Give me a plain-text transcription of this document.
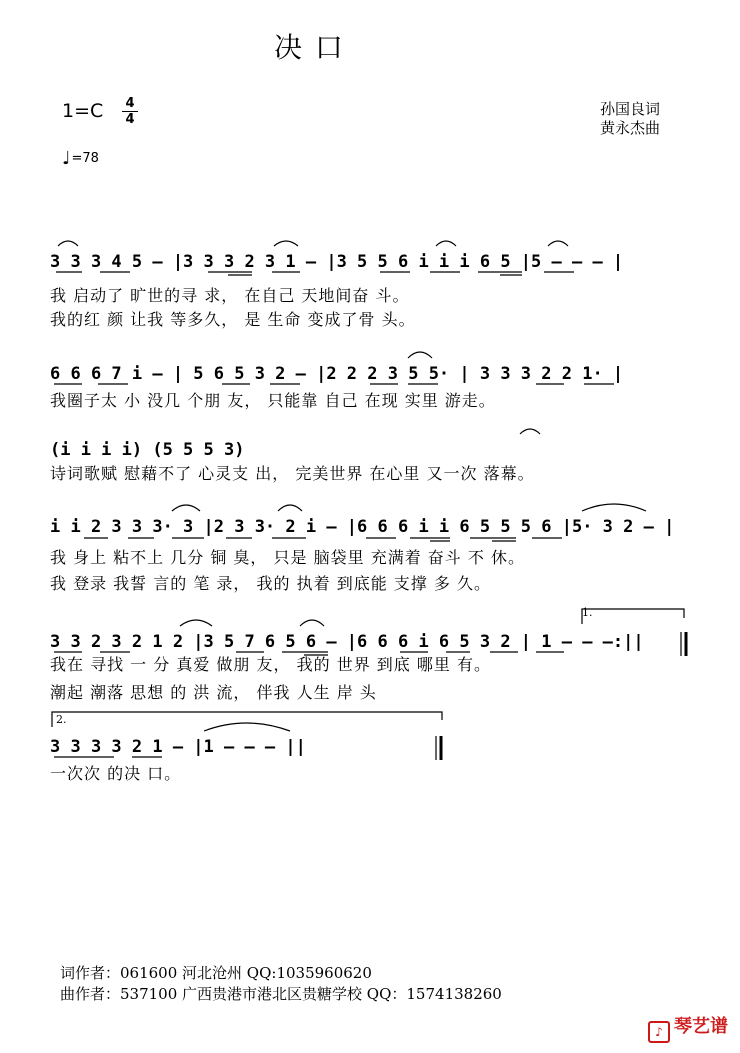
决 口
1=C	4
4
孙国良词
黄永杰曲
♩=78
3 3 3 4 5 – |3 3 3 2 3 1 – |3 5 5 6 i i i 6 5 |5 – – – |
我 启动了 旷世的寻 求， 在自己 天地间奋 斗。
我的红 颜 让我 等多久， 是 生命 变成了骨 头。
6 6 6 7 i – | 5 6 5 3 2 – |2 2 2 3 5 5· | 3 3 3 2 2 1· |
我圈子太 小 没几 个朋 友， 只能靠 自己 在现 实里 游走。
(i i i i) (5 5 5 3)
诗词歌赋 慰藉不了 心灵支 出， 完美世界 在心里 又一次 落幕。
i i 2 3 3 3· 3 |2 3 3· 2 i – |6 6 6 i i 6 5 5 5 6 |5· 3 2 – |
我 身上 粘不上 几分 铜 臭， 只是 脑袋里 充满着 奋斗 不 休。
我 登录 我誓 言的 笔 录， 我的 执着 到底能 支撑 多 久。
1.
3 3 2 3 2 1 2 |3 5 7 6 5 6 – |6 6 6 i 6 5 3 2 | 1 – – –:||
我在 寻找 一 分 真爱 做朋 友， 我的 世界 到底 哪里 有。
潮起 潮落 思想 的 洪 流， 伴我 人生 岸 头
2.
3 3 3 3 2 1 – |1 – – – ||
一次次 的决 口。
词作者：061600 河北沧州 QQ:1035960620
曲作者：537100 广西贵港市港北区贵糖学校 QQ：1574138260
♪ 琴艺谱
